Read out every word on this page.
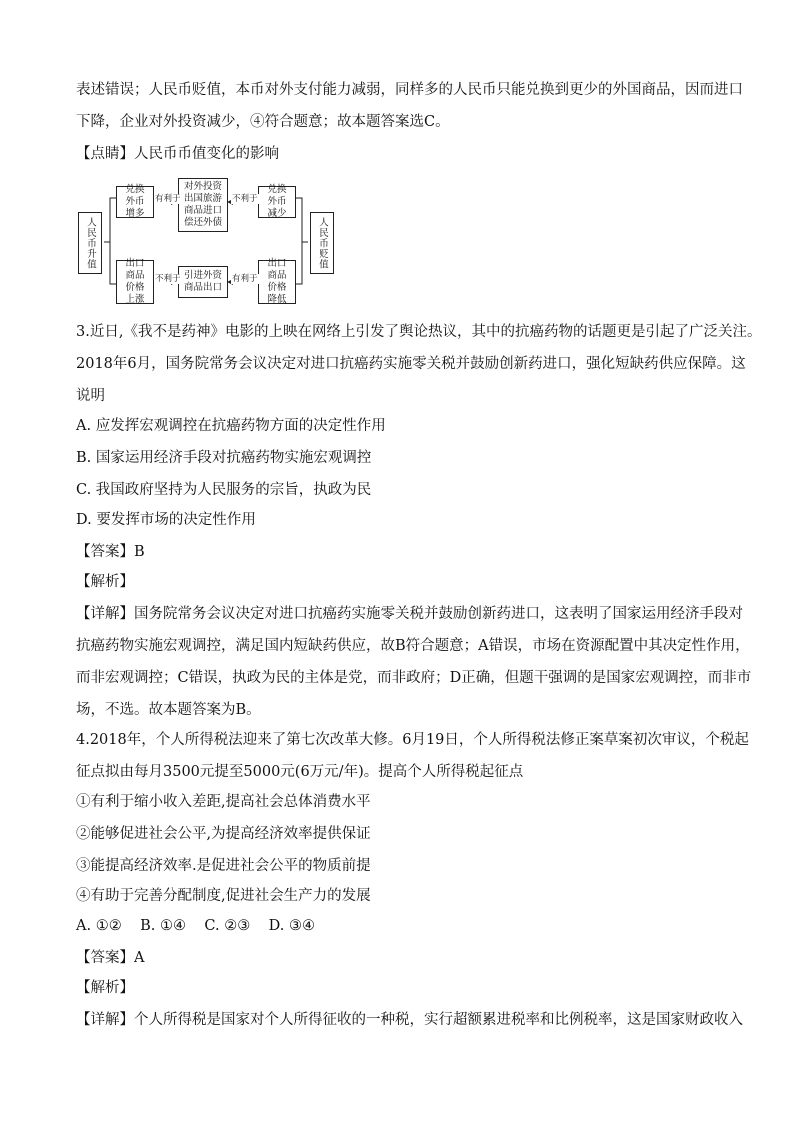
表述错误；人民币贬值，本币对外支付能力减弱，同样多的人民币只能兑换到更少的外国商品，因而进口
下降，企业对外投资减少，④符合题意；故本题答案选C。
【点睛】人民币币值变化的影响
人民币升值	人民币贬值
兑换外币增多
对外投资出国旅游商品进口偿还外债
兑换外币减少
出口商品价格上涨
引进外资商品出口
出口商品价格降低
有利于	不利于
不利于	有利于
3.近日,《我不是药神》电影的上映在网络上引发了舆论热议，其中的抗癌药物的话题更是引起了广泛关注。
2018年6月，国务院常务会议决定对进口抗癌药实施零关税并鼓励创新药进口，强化短缺药供应保障。这
说明
A. 应发挥宏观调控在抗癌药物方面的决定性作用
B. 国家运用经济手段对抗癌药物实施宏观调控
C. 我国政府坚持为人民服务的宗旨，执政为民
D. 要发挥市场的决定性作用
【答案】B
【解析】
【详解】国务院常务会议决定对进口抗癌药实施零关税并鼓励创新药进口，这表明了国家运用经济手段对
抗癌药物实施宏观调控，满足国内短缺药供应，故B符合题意；A错误，市场在资源配置中其决定性作用，
而非宏观调控；C错误，执政为民的主体是党，而非政府；D正确，但题干强调的是国家宏观调控，而非市
场，不选。故本题答案为B。
4.2018年，个人所得税法迎来了第七次改革大修。6月19日，个人所得税法修正案草案初次审议，个税起
征点拟由每月3500元提至5000元(6万元/年)。提高个人所得税起征点
①有利于缩小收入差距,提高社会总体消费水平
②能够促进社会公平,为提高经济效率提供保证
③能提高经济效率.是促进社会公平的物质前提
④有助于完善分配制度,促进社会生产力的发展
A. ①②    B. ①④    C. ②③    D. ③④
【答案】A
【解析】
【详解】个人所得税是国家对个人所得征收的一种税，实行超额累进税率和比例税率，这是国家财政收入
